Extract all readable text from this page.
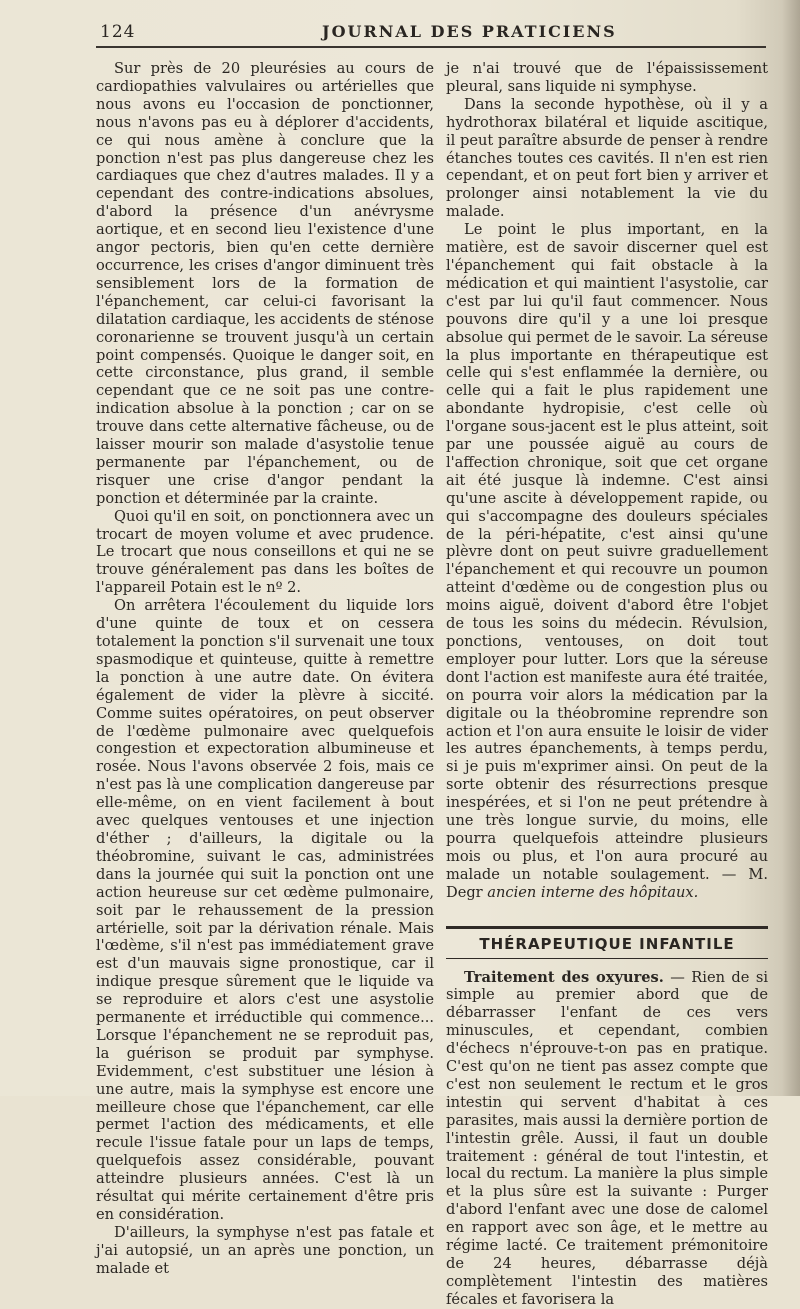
124	JOURNAL DES PRATICIENS

Sur près de 20 pleurésies au cours de cardiopathies valvulaires ou artérielles que nous avons eu l'occasion de ponctionner, nous n'avons pas eu à déplorer d'accidents, ce qui nous amène à conclure que la ponction n'est pas plus dangereuse chez les cardiaques que chez d'autres malades. Il y a cependant des contre-indications absolues, d'abord la présence d'un anévrysme aortique, et en second lieu l'existence d'une angor pectoris, bien qu'en cette dernière occurrence, les crises d'angor diminuent très sensiblement lors de la formation de l'épanchement, car celui-ci favorisant la dilatation cardiaque, les accidents de sténose coronarienne se trouvent jusqu'à un certain point compensés. Quoique le danger soit, en cette circonstance, plus grand, il semble cependant que ce ne soit pas une contre-indication absolue à la ponction ; car on se trouve dans cette alternative fâcheuse, ou de laisser mourir son malade d'asystolie tenue permanente par l'épanchement, ou de risquer une crise d'angor pendant la ponction et déterminée par la crainte.

Quoi qu'il en soit, on ponctionnera avec un trocart de moyen volume et avec prudence. Le trocart que nous conseillons et qui ne se trouve généralement pas dans les boîtes de l'appareil Potain est le nº 2.

On arrêtera l'écoulement du liquide lors d'une quinte de toux et on cessera totalement la ponction s'il survenait une toux spasmodique et quinteuse, quitte à remettre la ponction à une autre date. On évitera également de vider la plèvre à siccité. Comme suites opératoires, on peut observer de l'œdème pulmonaire avec quelquefois congestion et expectoration albumineuse et rosée. Nous l'avons observée 2 fois, mais ce n'est pas là une complication dangereuse par elle-même, on en vient facilement à bout avec quelques ventouses et une injection d'éther ; d'ailleurs, la digitale ou la théobromine, suivant le cas, administrées dans la journée qui suit la ponction ont une action heureuse sur cet œdème pulmonaire, soit par le rehaussement de la pression artérielle, soit par la dérivation rénale. Mais l'œdème, s'il n'est pas immédiatement grave est d'un mauvais signe pronostique, car il indique presque sûrement que le liquide va se reproduire et alors c'est une asystolie permanente et irréductible qui commence... Lorsque l'épanchement ne se reproduit pas, la guérison se produit par symphyse. Evidemment, c'est substituer une lésion à une autre, mais la symphyse est encore une meilleure chose que l'épanchement, car elle permet l'action des médicaments, et elle recule l'issue fatale pour un laps de temps, quelquefois assez considérable, pouvant atteindre plusieurs années. C'est là un résultat qui mérite certainement d'être pris en considération.

D'ailleurs, la symphyse n'est pas fatale et j'ai autopsié, un an après une ponction, un malade et

je n'ai trouvé que de l'épaississement pleural, sans liquide ni symphyse.

Dans la seconde hypothèse, où il y a hydrothorax bilatéral et liquide ascitique, il peut paraître absurde de penser à rendre étanches toutes ces cavités. Il n'en est rien cependant, et on peut fort bien y arriver et prolonger ainsi notablement la vie du malade.

Le point le plus important, en la matière, est de savoir discerner quel est l'épanchement qui fait obstacle à la médication et qui maintient l'asystolie, car c'est par lui qu'il faut commencer. Nous pouvons dire qu'il y a une loi presque absolue qui permet de le savoir. La séreuse la plus importante en thérapeutique est celle qui s'est enflammée la dernière, ou celle qui a fait le plus rapidement une abondante hydropisie, c'est celle où l'organe sous-jacent est le plus atteint, soit par une poussée aiguë au cours de l'affection chronique, soit que cet organe ait été jusque là indemne. C'est ainsi qu'une ascite à développement rapide, ou qui s'accompagne des douleurs spéciales de la péri-hépatite, c'est ainsi qu'une plèvre dont on peut suivre graduellement l'épanchement et qui recouvre un poumon atteint d'œdème ou de congestion plus ou moins aiguë, doivent d'abord être l'objet de tous les soins du médecin. Révulsion, ponctions, ventouses, on doit tout employer pour lutter. Lors que la séreuse dont l'action est manifeste aura été traitée, on pourra voir alors la médication par la digitale ou la théobromine reprendre son action et l'on aura ensuite le loisir de vider les autres épanchements, à temps perdu, si je puis m'exprimer ainsi. On peut de la sorte obtenir des résurrections presque inespérées, et si l'on ne peut prétendre à une très longue survie, du moins, elle pourra quelquefois atteindre plusieurs mois ou plus, et l'on aura procuré au malade un notable soulagement. — M. Degr ancien interne des hôpitaux.

THÉRAPEUTIQUE INFANTILE

Traitement des oxyures. — Rien de si simple au premier abord que de débarrasser l'enfant de ces vers minuscules, et cependant, combien d'échecs n'éprouve-t-on pas en pratique. C'est qu'on ne tient pas assez compte que c'est non seulement le rectum et le gros intestin qui servent d'habitat à ces parasites, mais aussi la dernière portion de l'intestin grêle. Aussi, il faut un double traitement : général de tout l'intestin, et local du rectum. La manière la plus simple et la plus sûre est la suivante : Purger d'abord l'enfant avec une dose de calomel en rapport avec son âge, et le mettre au régime lacté. Ce traitement prémonitoire de 24 heures, débarrasse déjà complètement l'intestin des matières fécales et favorisera la
